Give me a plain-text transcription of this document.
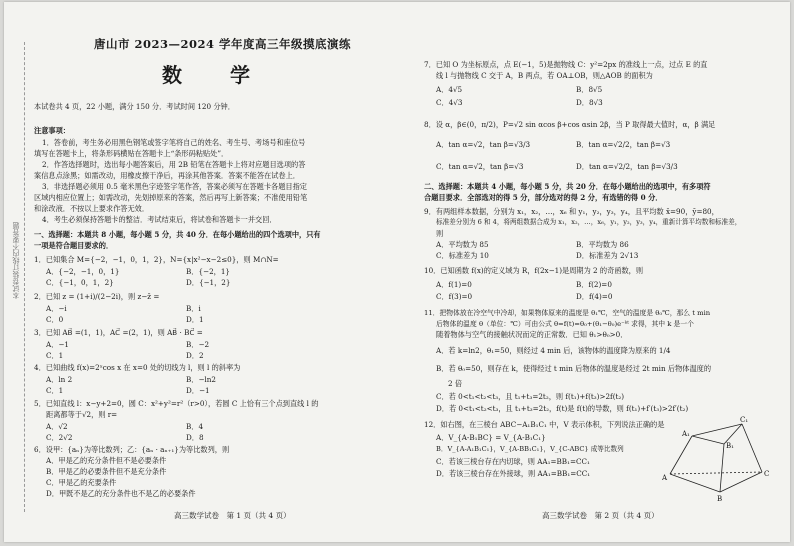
本试卷装订线内不要答题
唐山市 2023—2024 学年度高三年级摸底演练
数　学
本试卷共 4 页，22 小题，满分 150 分．考试时间 120 分钟．
注意事项：
1．答卷前，考生务必用黑色钢笔或签字笔将自己的姓名、考生号、考场号和座位号
填写在答题卡上，将条形码横贴在答题卡上“条形码粘贴处”．
2．作答选择题时，选出每小题答案后，用 2B 铅笔在答题卡上将对应题目选项的答
案信息点涂黑；如需改动，用橡皮擦干净后，再涂其他答案．答案不能答在试卷上．
3．非选择题必须用 0.5 毫米黑色字迹签字笔作答，答案必须写在答题卡各题目指定
区域内相应位置上；如需改动，先划掉原来的答案，然后再写上新答案；不准使用铅笔
和涂改液．不按以上要求作答无效．
4．考生必须保持答题卡的整洁．考试结束后，将试卷和答题卡一并交回．
一、选择题：本题共 8 小题，每小题 5 分，共 40 分．在每小题给出的四个选项中，只有
一项是符合题目要求的．
1．已知集合 M={−2，−1，0，1，2}，N={x|x²−x−2≤0}，则 M∩N=
A．{−2，−1，0，1}	B．{−2，1}
C．{−1，0，1，2}	D．{−1，2}
2．已知 z = (1+i)/(2−2i)，则 z−z̄ =
A．−i	B．i
C．0	D．1
3．已知 AB⃗ =(1，1)，AC⃗ =(2，1)，则 AB⃗ · BC⃗ =
A．−1	B．−2
C．1	D．2
4．已知曲线 f(x)=2ˣcos x 在 x=0 处的切线为 l，则 l 的斜率为
A．ln 2	B．−ln2
C．1	D．−1
5．已知直线 l：x−y+2=0，圆 C：x²+y²=r²（r>0），若圆 C 上恰有三个点到直线 l 的
距离都等于√2，则 r=
A．√2	B．4
C．2√2	D．8
6．设甲：{aₙ}为等比数列；乙：{aₙ · aₙ₊₁}为等比数列，则
A．甲是乙的充分条件但不是必要条件
B．甲是乙的必要条件但不是充分条件
C．甲是乙的充要条件
D．甲既不是乙的充分条件也不是乙的必要条件
高三数学试卷　第 1 页（共 4 页）
7．已知 O 为坐标原点，点 E(−1，5)是抛物线 C：y²=2px 的准线上一点，过点 E 的直
线 l 与抛物线 C 交于 A，B 两点，若 OA⊥OB，则△AOB 的面积为
A．4√5	B．8√5
C．4√3	D．8√3
8．设 α，β∈(0，π/2)，P=√2 sin αcos β+cos αsin 2β，当 P 取得最大值时，α，β 满足
A．tan α=√2，tan β=√3/3	B．tan α=√2/2，tan β=√3
C．tan α=√2，tan β=√3	D．tan α=√2/2，tan β=√3/3
二、选择题：本题共 4 小题，每小题 5 分，共 20 分．在每小题给出的选项中，有多项符
合题目要求．全部选对的得 5 分，部分选对的得 2 分，有选错的得 0 分．
9．有两组样本数据，分别为 x₁，x₂，…，x₆ 和 y₁，y₂，y₃，y₄，且平均数 x̄=90，ȳ=80，
标准差分别为 6 和 4，将两组数据合成为 x₁，x₂，…，x₆，y₁，y₂，y₃，y₄，重新计算平均数和标准差，
则
A．平均数为 85	B．平均数为 86
C．标准差为 10	D．标准差为 2√13
10．已知函数 f(x)的定义域为 R，f(2x−1)是周期为 2 的奇函数，则
A．f(1)=0	B．f(2)=0
C．f(3)=0	D．f(4)=0
11．把物体放在冷空气中冷却，如果物体原来的温度是 θ₁℃，空气的温度是 θ₀℃，那么 t min
后物体的温度 θ（单位：℃）可由公式 θ=f(t)=θ₀+(θ₁−θ₀)e⁻ᵏᵗ 求得，其中 k 是一个
随着物体与空气的接触状况而定的正常数．已知 θ₁>θ₀>0．
A．若 k=ln2，θ₁=50，则经过 4 min 后，该物体的温度降为原来的 1/4
B．若 θ₀=50，则存在 k，使得经过 t min 后物体的温度是经过 2t min 后物体温度的
2 倍
C．若 0<t₁<t₂<t₃，且 t₁+t₃=2t₂，则 f(t₁)+f(t₃)>2f(t₂)
D．若 0<t₁<t₂<t₃，且 t₁+t₃=2t₂，f(t)是 f(t)的导数，则 f(t₁)+f′(t₃)>2f′(t₂)
12．如右图，在三棱台 ABC−A₁B₁C₁ 中，V 表示体积，下列说法正确的是
A．V_{A-B₁BC} = V_{A-B₁C₁}
B．V_{A-A₁B₁C₁}，V_{A-BB₁C₁}，V_{C-ABC} 成等比数列
C．若该三棱台存在内切球，则 AA₁=BB₁=CC₁
D．若该三棱台存在外接球，则 AA₁=BB₁=CC₁
C₁
A₁
B₁
C
A
B
高三数学试卷　第 2 页（共 4 页）
